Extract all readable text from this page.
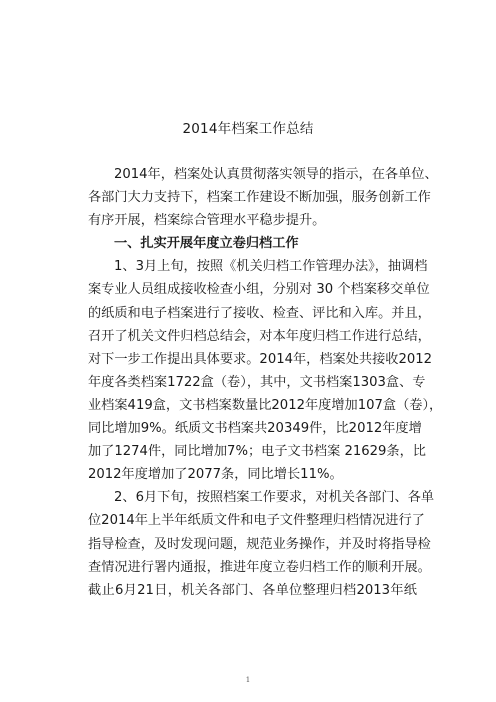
2014年档案工作总结
2014年，档案处认真贯彻落实领导的指示，在各单位、
各部门大力支持下，档案工作建设不断加强，服务创新工作
有序开展，档案综合管理水平稳步提升。
一、扎实开展年度立卷归档工作
1、3月上旬，按照《机关归档工作管理办法》，抽调档
案专业人员组成接收检查小组，分别对 30 个档案移交单位
的纸质和电子档案进行了接收、检查、评比和入库。并且，
召开了机关文件归档总结会，对本年度归档工作进行总结，
对下一步工作提出具体要求。2014年，档案处共接收2012
年度各类档案1722盒（卷），其中，文书档案1303盒、专
业档案419盒，文书档案数量比2012年度增加107盒（卷），
同比增加9%。纸质文书档案共20349件，比2012年度增
加了1274件，同比增加7%；电子文书档案 21629条，比
2012年度增加了2077条，同比增长11%。
2、6月下旬，按照档案工作要求，对机关各部门、各单
位2014年上半年纸质文件和电子文件整理归档情况进行了
指导检查，及时发现问题，规范业务操作，并及时将指导检
查情况进行署内通报，推进年度立卷归档工作的顺利开展。
截止6月21日，机关各部门、各单位整理归档2013年纸
1
